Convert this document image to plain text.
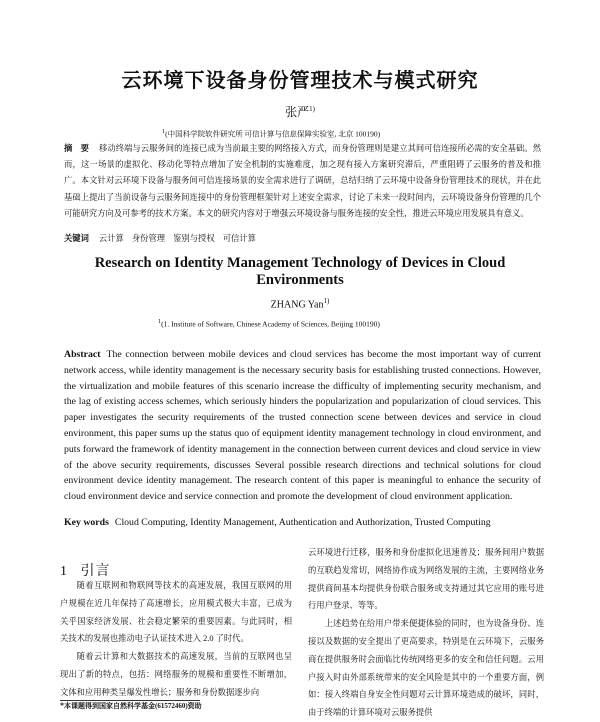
云环境下设备身份管理技术与模式研究
张严$^{1)}$
$^1$(中国科学院软件研究所 可信计算与信息保障实验室, 北京 100190)
摘　要 移动终端与云服务间的连接已成为当前最主要的网络接入方式，而身份管理则是建立其间可信连接所必需的安全基础。然而，这一场景的虚拟化、移动化等特点增加了安全机制的实施难度，加之现有接入方案研究滞后，严重阻碍了云服务的普及和推广。本文针对云环境下设备与服务间可信连接场景的安全需求进行了调研，总结归纳了云环境中设备身份管理技术的现状，并在此基础上提出了当前设备与云服务间连接中的身份管理框架针对上述安全需求，讨论了未来一段时间内，云环境设备身份管理的几个可能研究方向及可参考的技术方案。本文的研究内容对于增强云环境设备与服务连接的安全性，推进云环境应用发展具有意义。
关键词 云计算 身份管理 鉴别与授权 可信计算
Research on Identity Management Technology of Devices in Cloud Environments
ZHANG Yan$^{1)}$
$^1$(1. Institute of Software, Chinese Academy of Sciences, Beijing 100190)
Abstract The connection between mobile devices and cloud services has become the most important way of current network access, while identity management is the necessary security basis for establishing trusted connections. However, the virtualization and mobile features of this scenario increase the difficulty of implementing security mechanism, and the lag of existing access schemes, which seriously hinders the popularization and popularization of cloud services. This paper investigates the security requirements of the trusted connection scene between devices and service in cloud environment, this paper sums up the status quo of equipment identity management technology in cloud environment, and puts forward the framework of identity management in the connection between current devices and cloud service in view of the above security requirements, discusses Several possible research directions and technical solutions for cloud environment device identity management. The research content of this paper is meaningful to enhance the security of cloud environment device and service connection and promote the development of cloud environment application.
Key words Cloud Computing, Identity Management, Authentication and Authorization, Trusted Computing
1 引言

随着互联网和物联网等技术的高速发展，我国互联网的用户规模在近几年保持了高速增长，应用模式极大丰富，已成为关乎国家经济发展、社会稳定繁荣的重要因素。与此同时，相关技术的发展也推动电子认证技术进入 2.0 了时代。

随着云计算和大数据技术的高速发展，当前的互联网也呈现出了新的特点，包括：网络服务的规模和重要性不断增加，文体和应用种类呈爆发性增长；服务和身份数据逐步向

云环境进行迁移，服务和身份虚拟化迅速普及；服务间用户数据的互联趋发常切，网络协作成为网络发展的主流，主要网络业务提供商间基本均提供身份联合服务或支持通过其它应用的账号进行用户登录、等等。

上述趋势在给用户带来便捷体验的同时，也为设备身份、连接以及数据的安全提出了更高要求，特别是在云环境下，云服务商在提供服务时会面临比传统网络更多的安全和信任问题。云用户接入时由外部系统带来的安全风险是其中的一个重要方面，例如：接入终端自身安全性问题对云计算环境造成的破坏，同时，由于终端的计算环境对云服务提供

*本课题得到国家自然科学基金(61572460)资助
